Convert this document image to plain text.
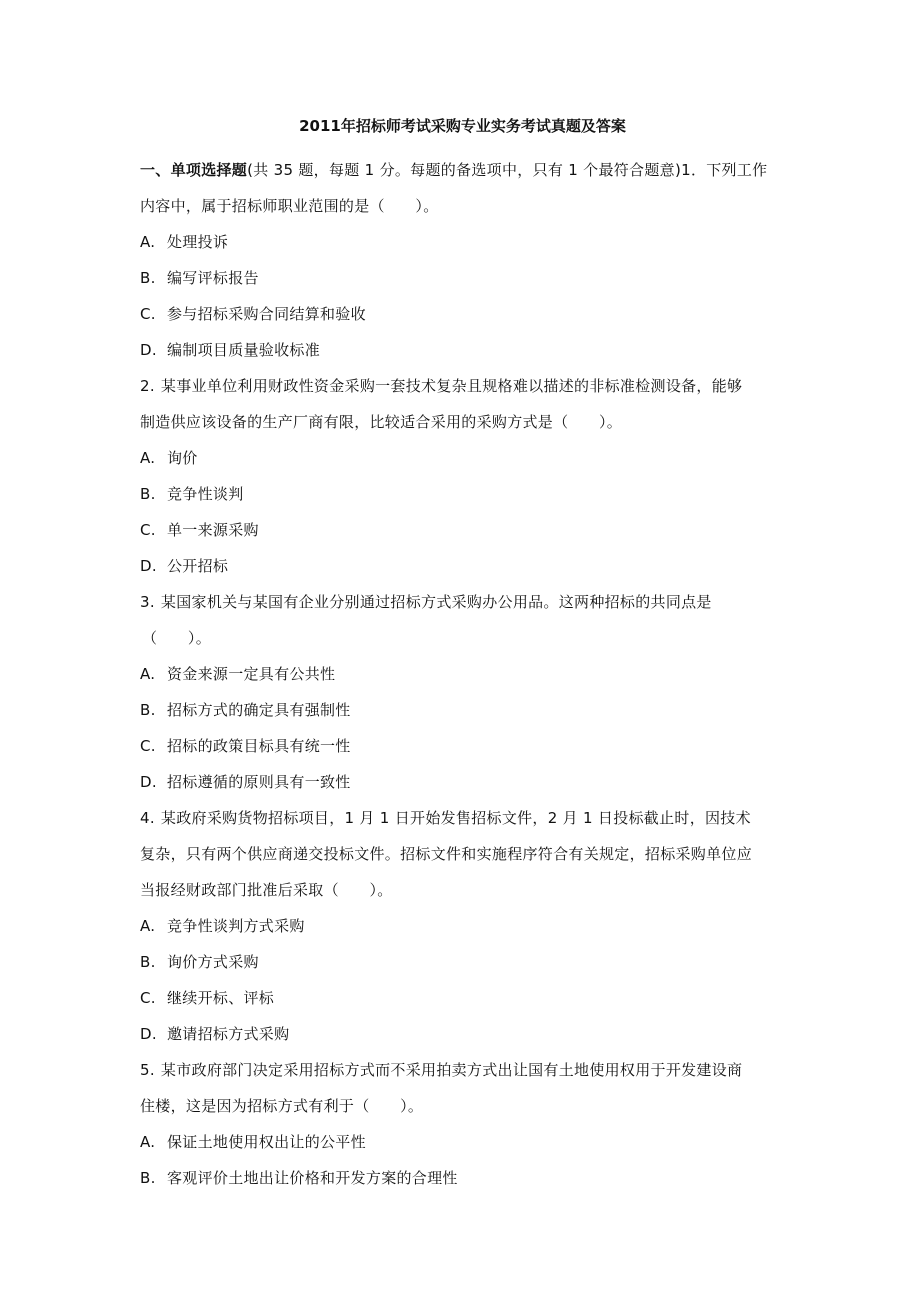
2011年招标师考试采购专业实务考试真题及答案
一、单项选择题(共 35 题，每题 1 分。每题的备选项中，只有 1 个最符合题意)1．下列工作
内容中，属于招标师职业范围的是（　　）。
A. 处理投诉
B. 编写评标报告
C. 参与招标采购合同结算和验收
D. 编制项目质量验收标准
2. 某事业单位利用财政性资金采购一套技术复杂且规格难以描述的非标准检测设备，能够
制造供应该设备的生产厂商有限，比较适合采用的采购方式是（　　）。
A. 询价
B. 竞争性谈判
C. 单一来源采购
D. 公开招标
3. 某国家机关与某国有企业分别通过招标方式采购办公用品。这两种招标的共同点是
（　　）。
A. 资金来源一定具有公共性
B. 招标方式的确定具有强制性
C. 招标的政策目标具有统一性
D. 招标遵循的原则具有一致性
4. 某政府采购货物招标项目，1 月 1 日开始发售招标文件，2 月 1 日投标截止时，因技术
复杂，只有两个供应商递交投标文件。招标文件和实施程序符合有关规定，招标采购单位应
当报经财政部门批准后采取（　　）。
A. 竞争性谈判方式采购
B. 询价方式采购
C. 继续开标、评标
D. 邀请招标方式采购
5. 某市政府部门决定采用招标方式而不采用拍卖方式出让国有土地使用权用于开发建设商
住楼，这是因为招标方式有利于（　　）。
A. 保证土地使用权出让的公平性
B. 客观评价土地出让价格和开发方案的合理性
